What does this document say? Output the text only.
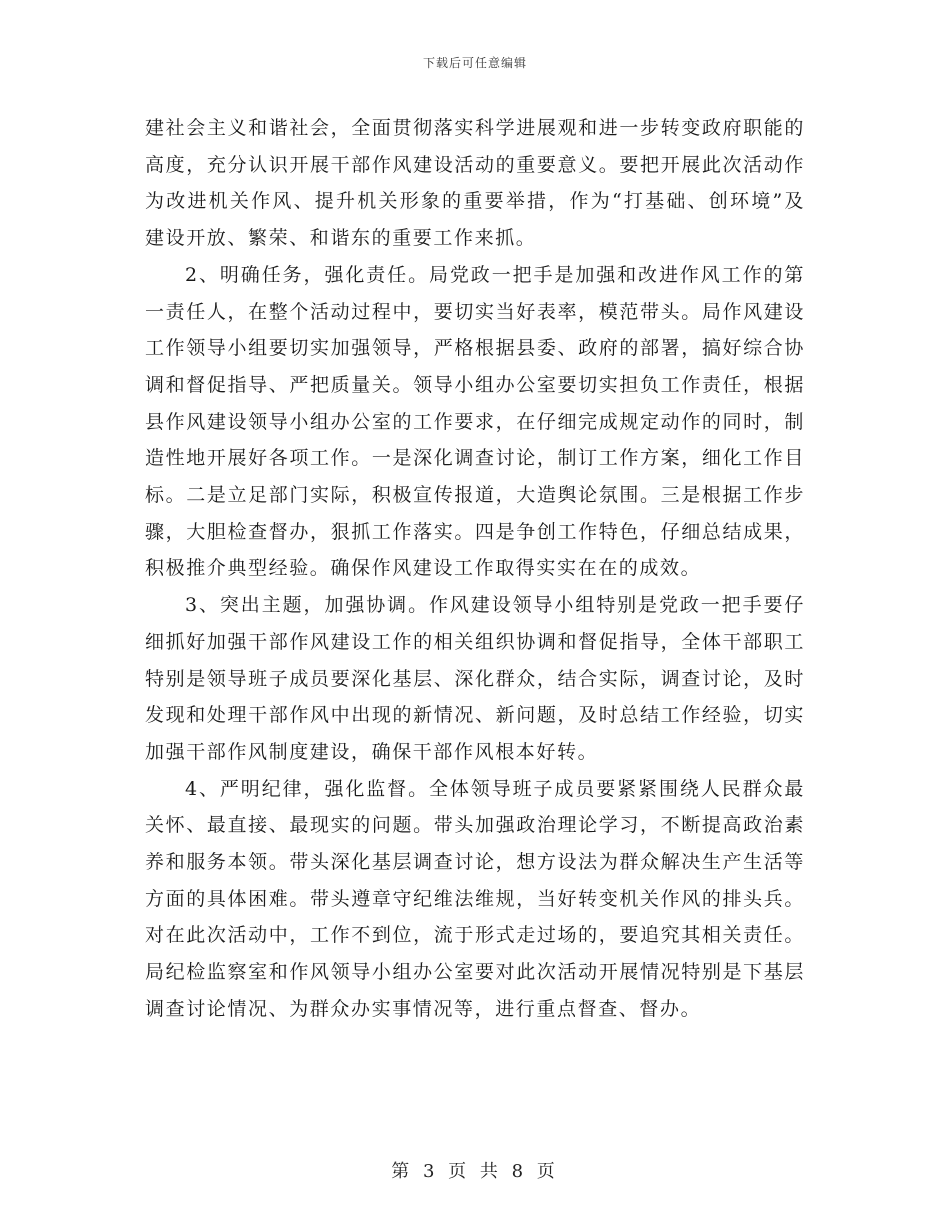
下载后可任意编辑

建社会主义和谐社会，全面贯彻落实科学进展观和进一步转变政府职能的高度，充分认识开展干部作风建设活动的重要意义。要把开展此次活动作为改进机关作风、提升机关形象的重要举措，作为“打基础、创环境”及建设开放、繁荣、和谐东的重要工作来抓。

2、明确任务，强化责任。局党政一把手是加强和改进作风工作的第一责任人，在整个活动过程中，要切实当好表率，模范带头。局作风建设工作领导小组要切实加强领导，严格根据县委、政府的部署，搞好综合协调和督促指导、严把质量关。领导小组办公室要切实担负工作责任，根据县作风建设领导小组办公室的工作要求，在仔细完成规定动作的同时，制造性地开展好各项工作。一是深化调查讨论，制订工作方案，细化工作目标。二是立足部门实际，积极宣传报道，大造舆论氛围。三是根据工作步骤，大胆检查督办，狠抓工作落实。四是争创工作特色，仔细总结成果，积极推介典型经验。确保作风建设工作取得实实在在的成效。

3、突出主题，加强协调。作风建设领导小组特别是党政一把手要仔细抓好加强干部作风建设工作的相关组织协调和督促指导，全体干部职工特别是领导班子成员要深化基层、深化群众，结合实际，调查讨论，及时发现和处理干部作风中出现的新情况、新问题，及时总结工作经验，切实加强干部作风制度建设，确保干部作风根本好转。

4、严明纪律，强化监督。全体领导班子成员要紧紧围绕人民群众最关怀、最直接、最现实的问题。带头加强政治理论学习，不断提高政治素养和服务本领。带头深化基层调查讨论，想方设法为群众解决生产生活等方面的具体困难。带头遵章守纪维法维规，当好转变机关作风的排头兵。对在此次活动中，工作不到位，流于形式走过场的，要追究其相关责任。局纪检监察室和作风领导小组办公室要对此次活动开展情况特别是下基层调查讨论情况、为群众办实事情况等，进行重点督查、督办。

第 3 页 共 8 页
